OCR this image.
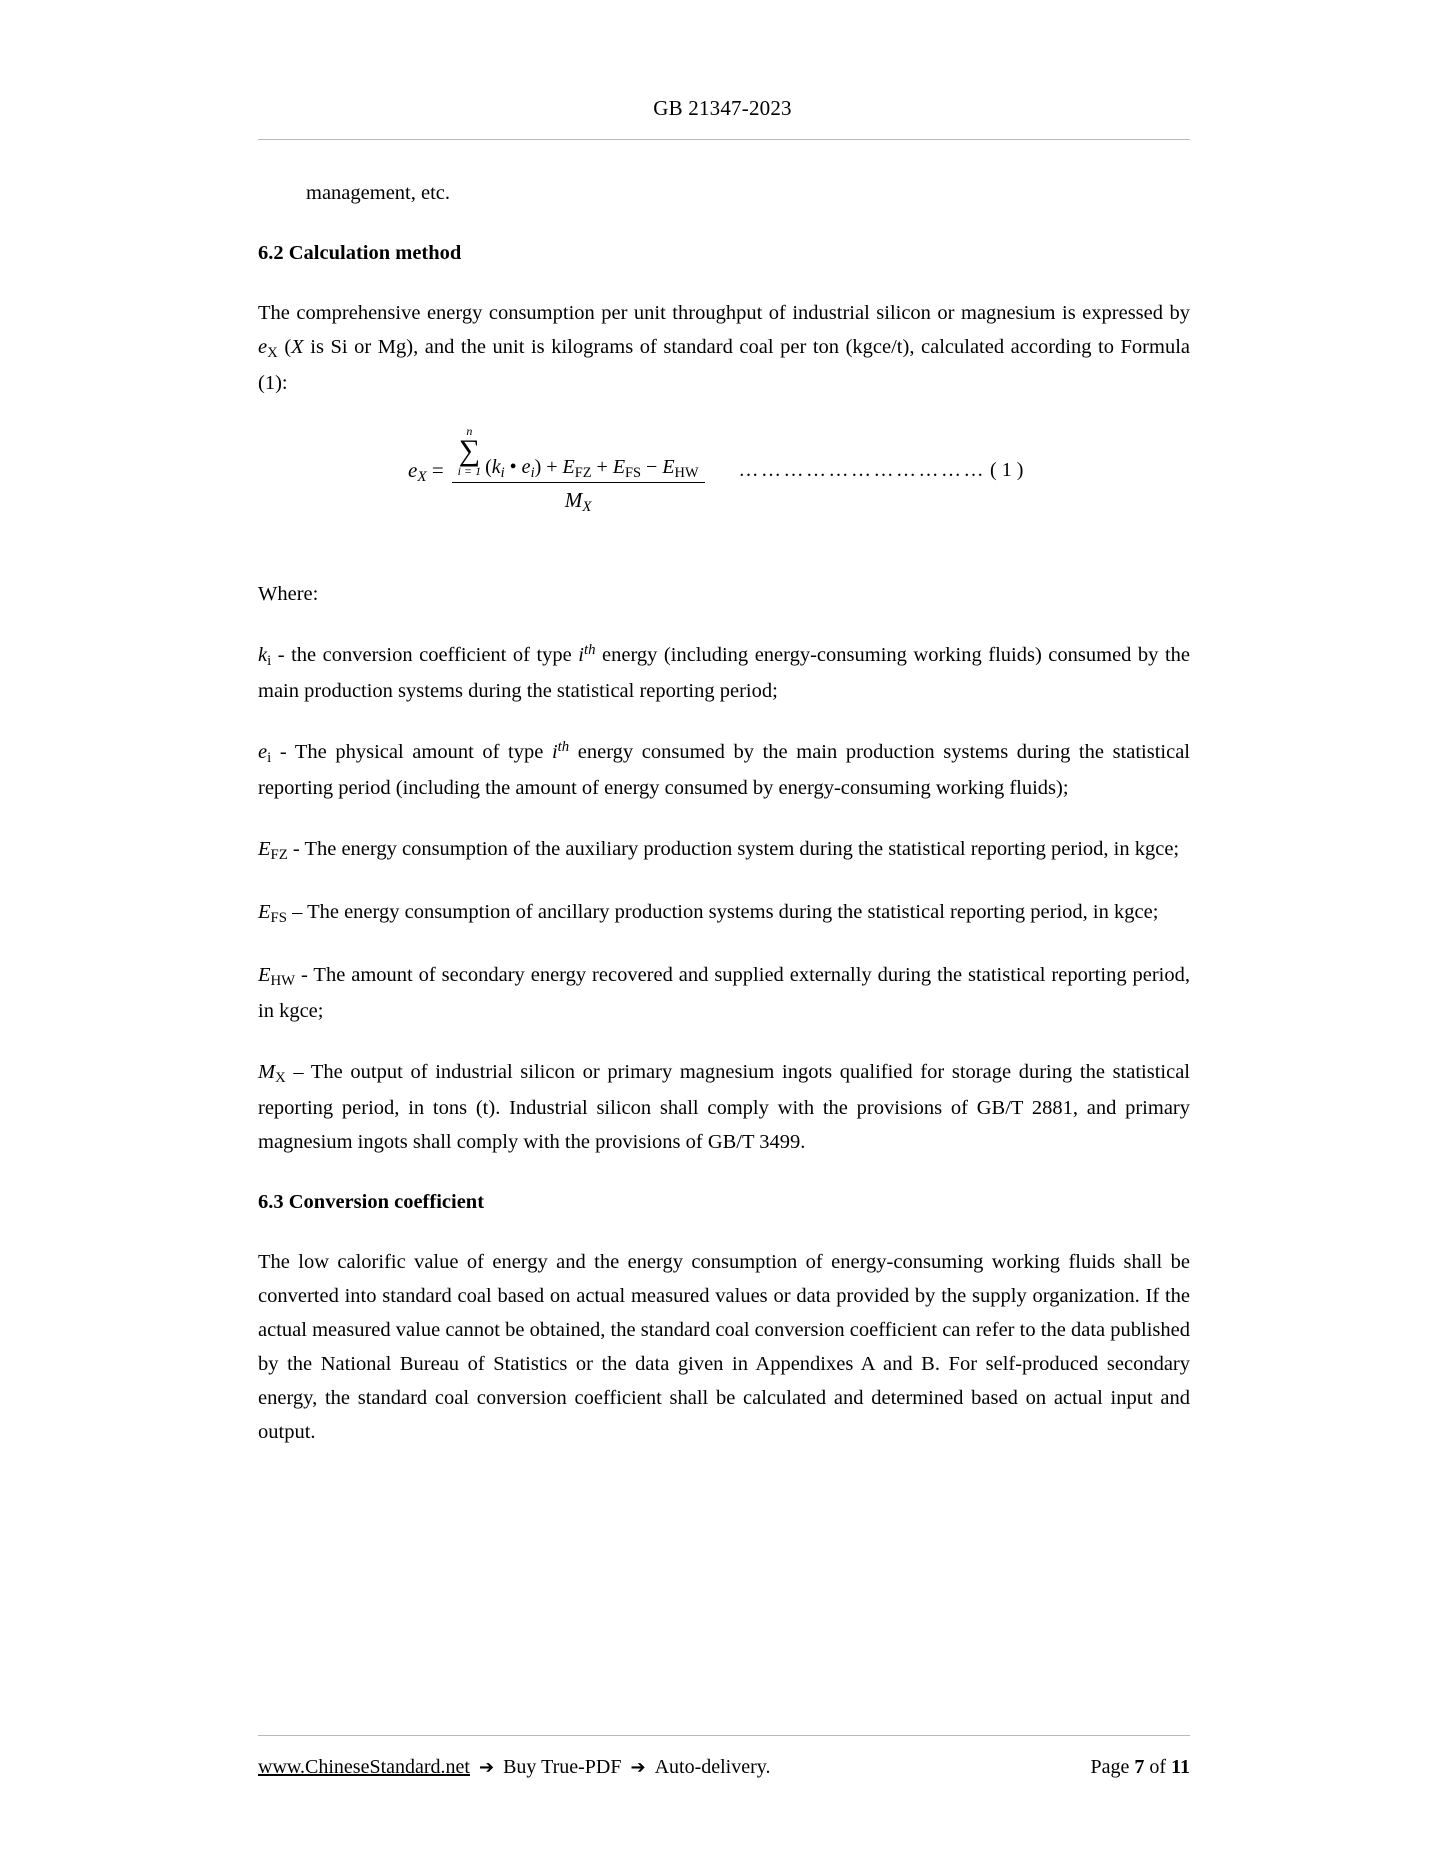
GB 21347-2023

management, etc.

6.2 Calculation method

The comprehensive energy consumption per unit throughput of industrial silicon or magnesium is expressed by $e_X$ (X is Si or Mg), and the unit is kilograms of standard coal per ton (kgce/t), calculated according to Formula (1):

$e_X$ =
n
∑
i = 1 ($k_i$ • $e_i) + E_{FZ} + E_{FS} - E_{HW}$
$M_X$
…………………………… ( 1 )

Where:

$k_i$ - the conversion coefficient of type $i^{th}$ energy (including energy-consuming working fluids) consumed by the main production systems during the statistical reporting period;

$e_i$ - The physical amount of type $i^{th}$ energy consumed by the main production systems during the statistical reporting period (including the amount of energy consumed by energy-consuming working fluids);

$E_{FZ}$ - The energy consumption of the auxiliary production system during the statistical reporting period, in kgce;

$E_{FS}$ – The energy consumption of ancillary production systems during the statistical reporting period, in kgce;

$E_{HW}$ - The amount of secondary energy recovered and supplied externally during the statistical reporting period, in kgce;

$M_X$ – The output of industrial silicon or primary magnesium ingots qualified for storage during the statistical reporting period, in tons (t). Industrial silicon shall comply with the provisions of GB/T 2881, and primary magnesium ingots shall comply with the provisions of GB/T 3499.

6.3 Conversion coefficient

The low calorific value of energy and the energy consumption of energy-consuming working fluids shall be converted into standard coal based on actual measured values or data provided by the supply organization. If the actual measured value cannot be obtained, the standard coal conversion coefficient can refer to the data published by the National Bureau of Statistics or the data given in Appendixes A and B. For self-produced secondary energy, the standard coal conversion coefficient shall be calculated and determined based on actual input and output.

www.ChineseStandard.net ➔ Buy True-PDF ➔ Auto-delivery.	Page 7 of 11
